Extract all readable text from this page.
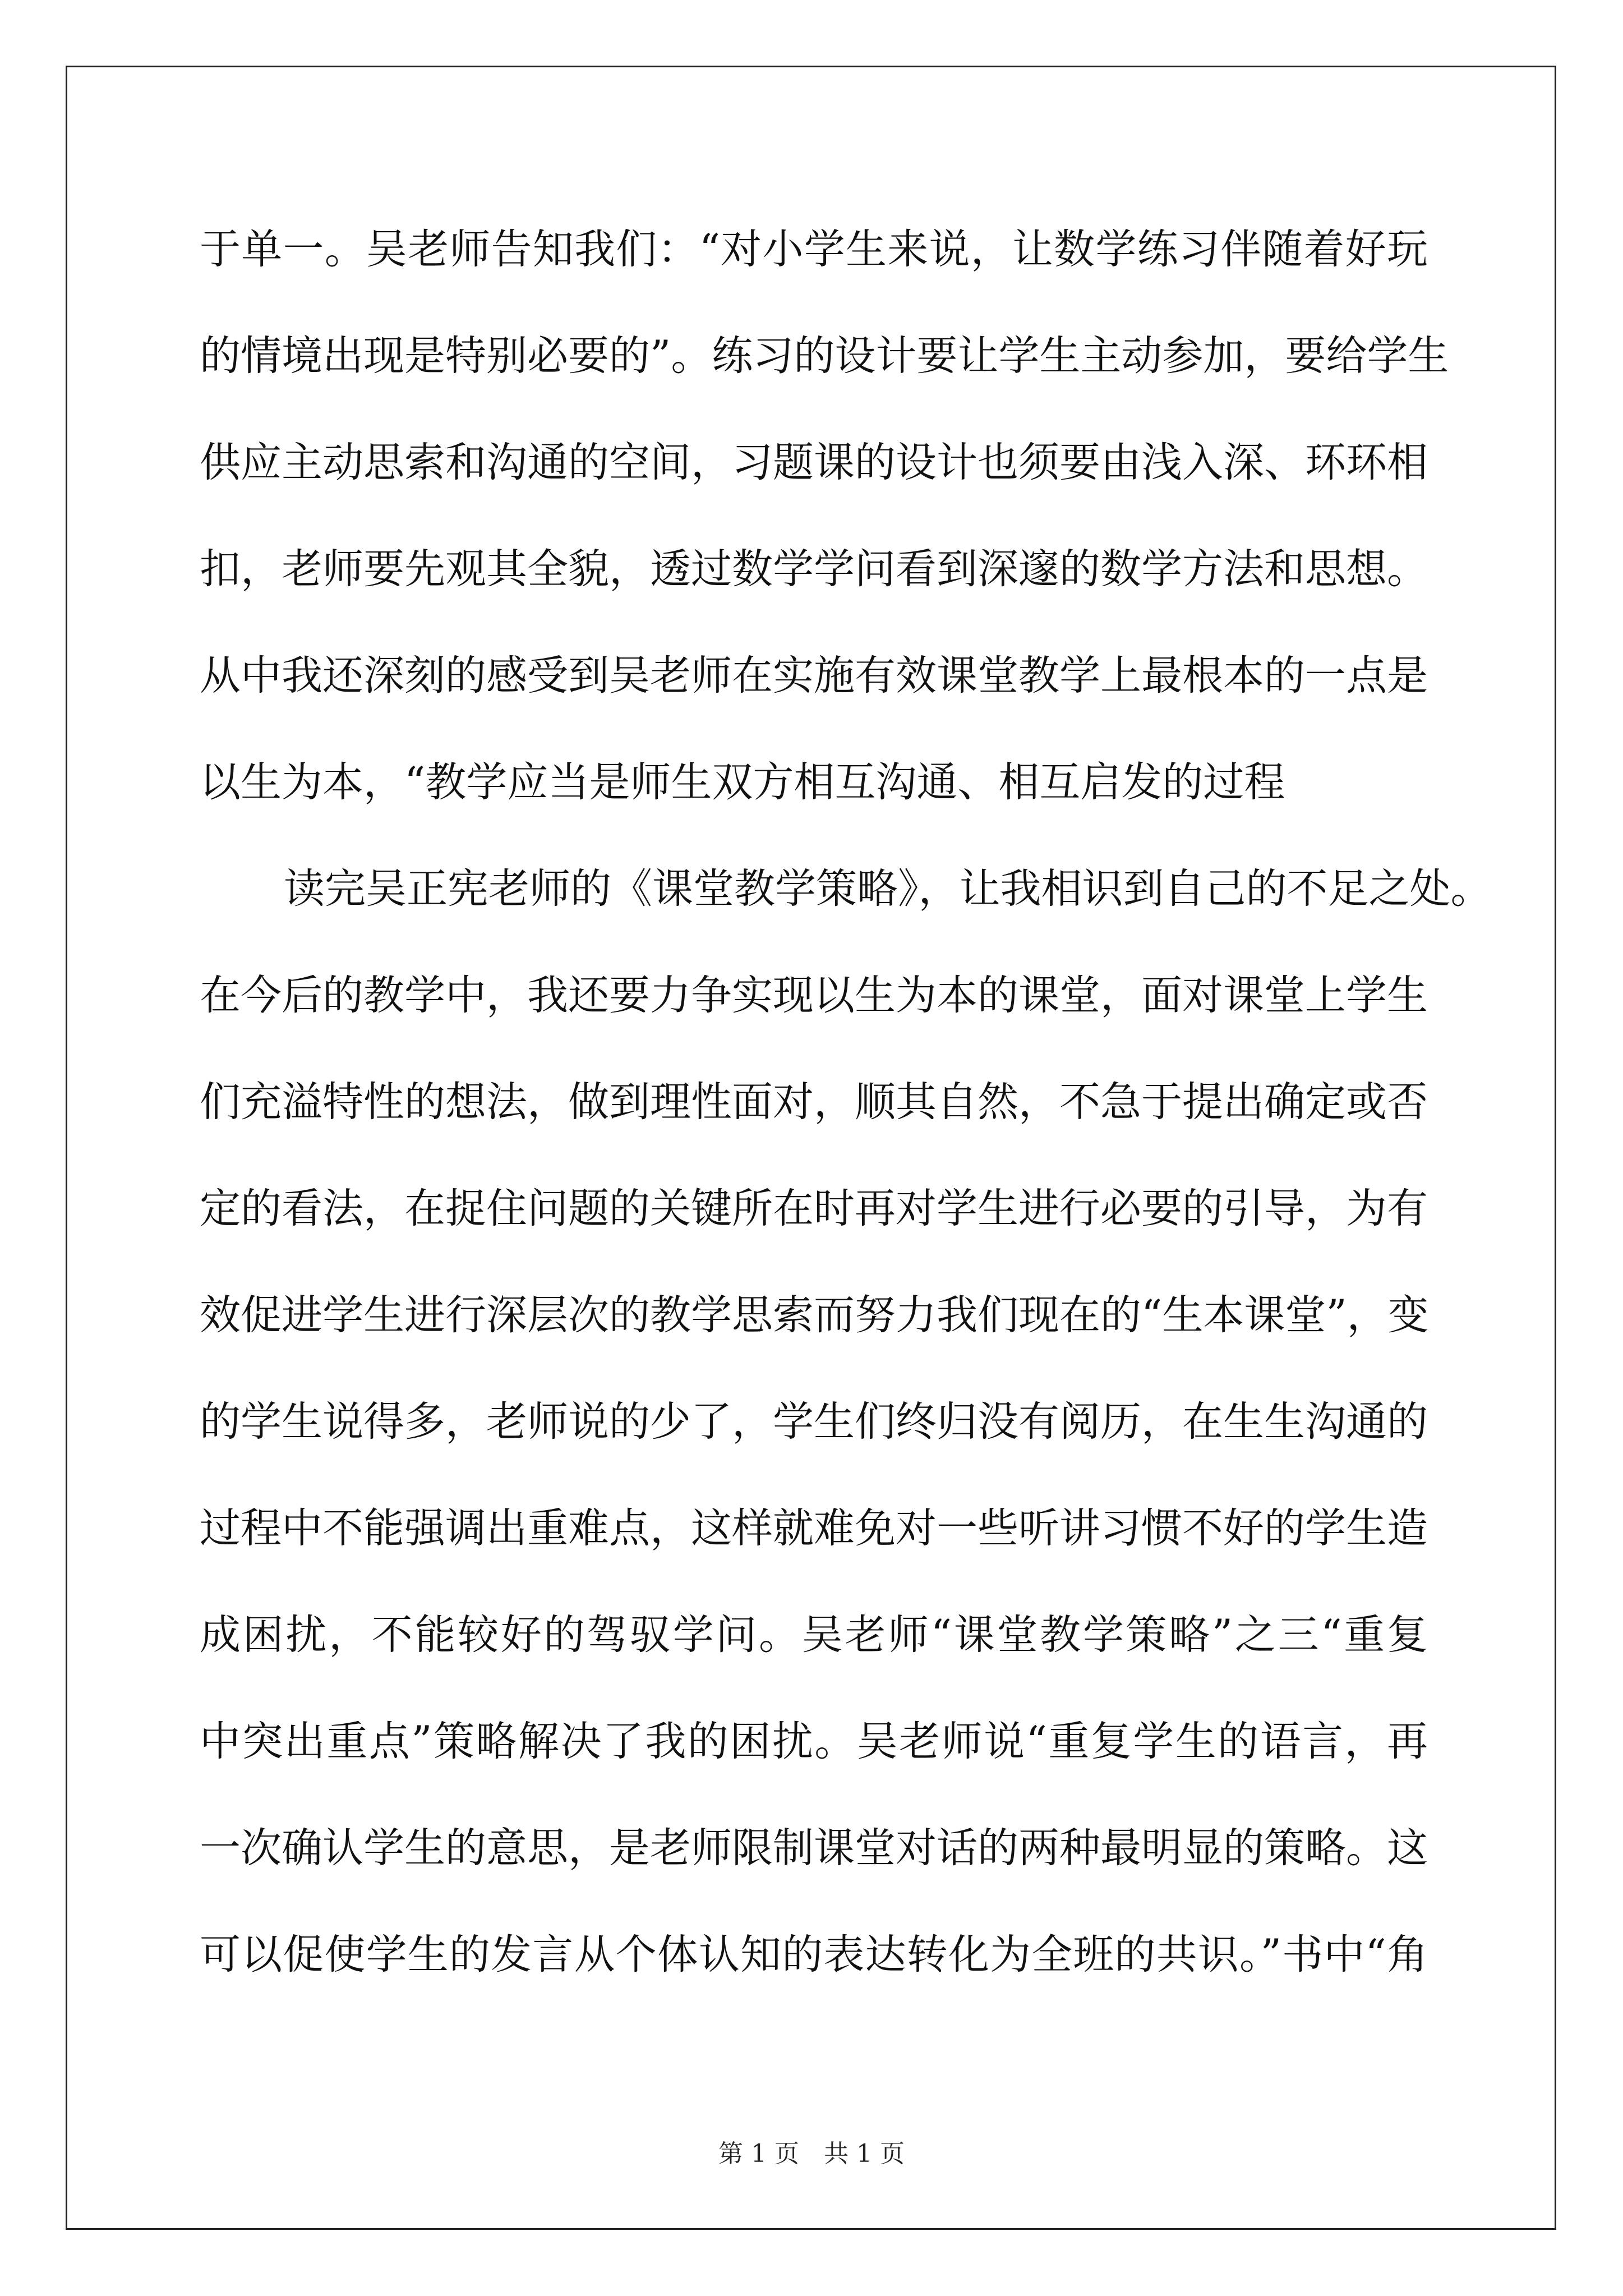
于单一。吴老师告知我们：“对小学生来说，让数学练习伴随着好玩
的情境出现是特别必要的”。练习的设计要让学生主动参加，要给学生
供应主动思索和沟通的空间，习题课的设计也须要由浅入深、环环相
扣，老师要先观其全貌，透过数学学问看到深邃的数学方法和思想。
从中我还深刻的感受到吴老师在实施有效课堂教学上最根本的一点是
以生为本，“教学应当是师生双方相互沟通、相互启发的过程
读完吴正宪老师的《课堂教学策略》，让我相识到自己的不足之处。
在今后的教学中，我还要力争实现以生为本的课堂，面对课堂上学生
们充溢特性的想法，做到理性面对，顺其自然，不急于提出确定或否
定的看法，在捉住问题的关键所在时再对学生进行必要的引导，为有
效促进学生进行深层次的教学思索而努力我们现在的“生本课堂”，变
的学生说得多，老师说的少了，学生们终归没有阅历，在生生沟通的
过程中不能强调出重难点，这样就难免对一些听讲习惯不好的学生造
成困扰，不能较好的驾驭学问。吴老师“课堂教学策略”之三“重复
中突出重点”策略解决了我的困扰。吴老师说“重复学生的语言，再
一次确认学生的意思，是老师限制课堂对话的两种最明显的策略。这
可以促使学生的发言从个体认知的表达转化为全班的共识。”书中“角
第 1 页　共 1 页
